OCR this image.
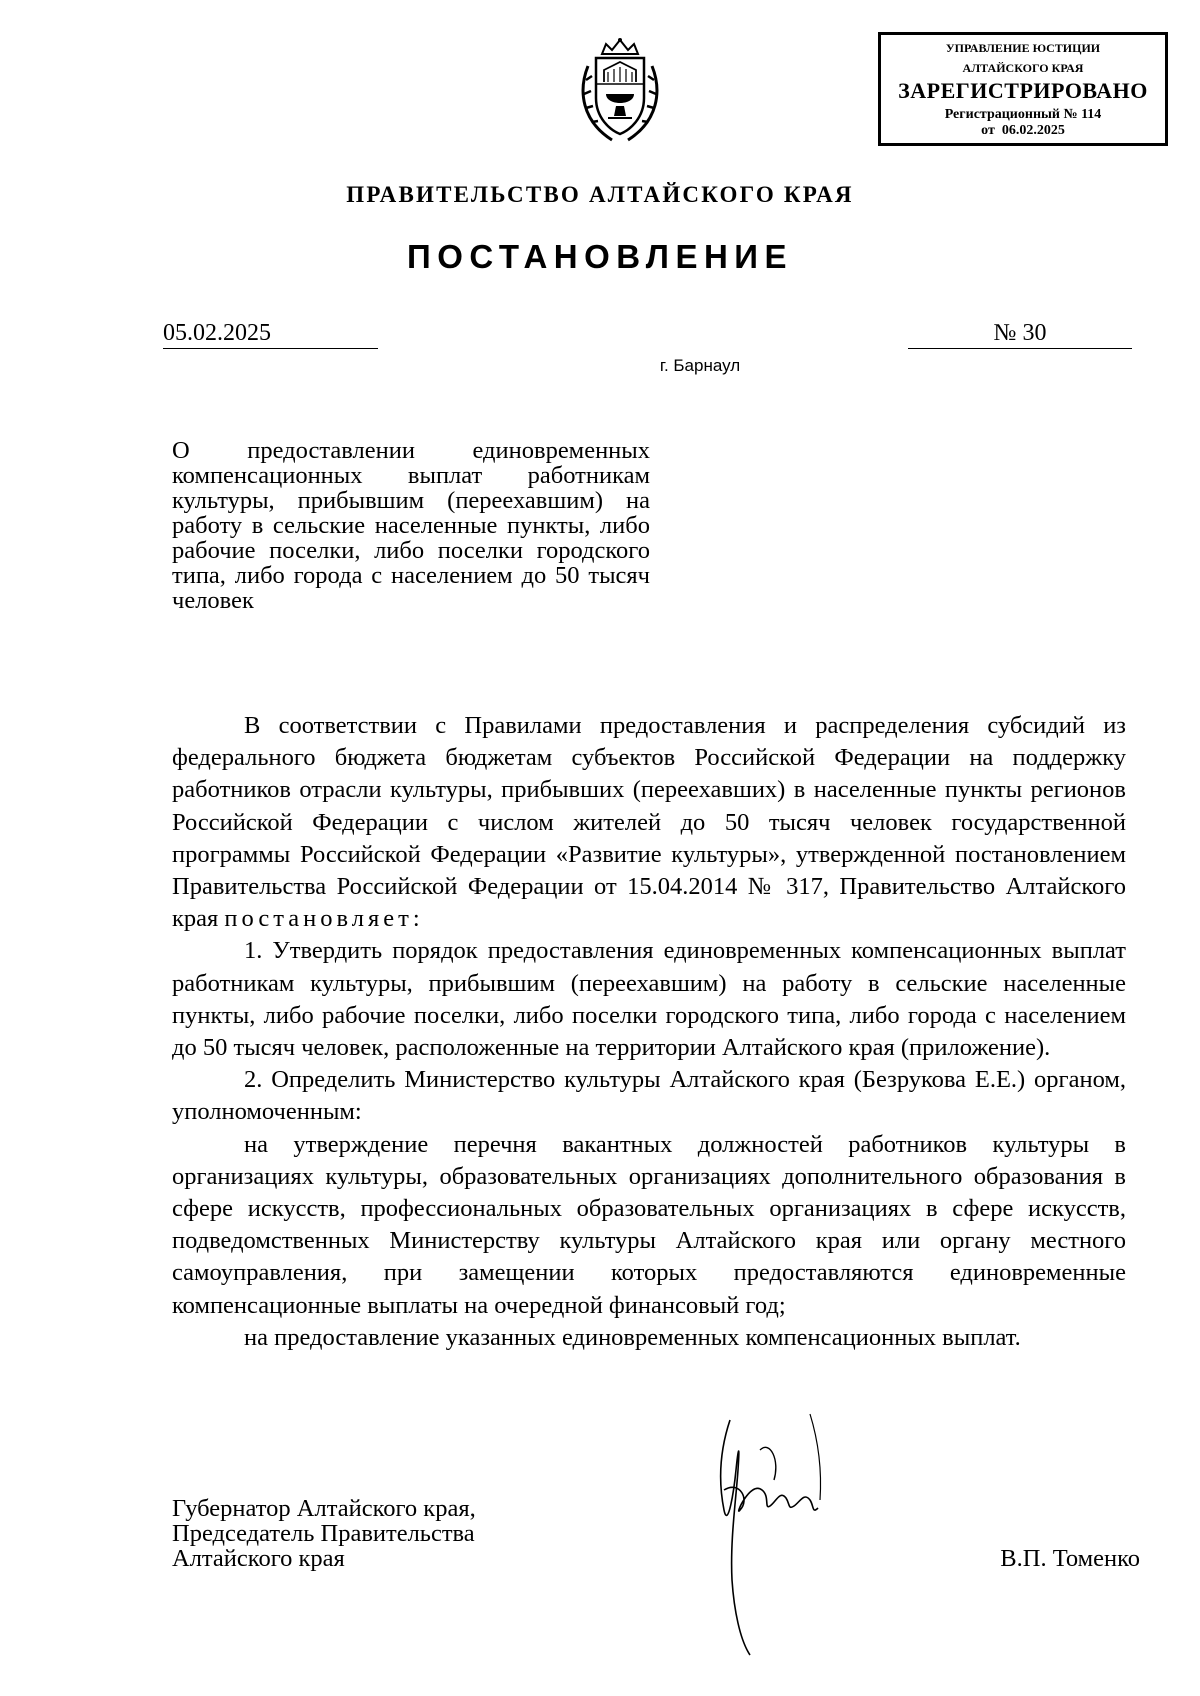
УПРАВЛЕНИЕ ЮСТИЦИИ
АЛТАЙСКОГО КРАЯ
ЗАРЕГИСТРИРОВАНО
Регистрационный № 114
от 06.02.2025
ПРАВИТЕЛЬСТВО АЛТАЙСКОГО КРАЯ
ПОСТАНОВЛЕНИЕ
05.02.2025	№ 30
г. Барнаул
О предоставлении единовременных компенсационных выплат работникам культуры, прибывшим (переехавшим) на работу в сельские населенные пункты, либо рабочие поселки, либо поселки городского типа, либо города с населением до 50 тысяч человек

В соответствии с Правилами предоставления и распределения субсидий из федерального бюджета бюджетам субъектов Российской Федерации на поддержку работников отрасли культуры, прибывших (переехавших) в населенные пункты регионов Российской Федерации с числом жителей до 50 тысяч человек государственной программы Российской Федерации «Развитие культуры», утвержденной постановлением Правительства Российской Федерации от 15.04.2014 № 317, Правительство Алтайского края постановляет:

1. Утвердить порядок предоставления единовременных компенсационных выплат работникам культуры, прибывшим (переехавшим) на работу в сельские населенные пункты, либо рабочие поселки, либо поселки городского типа, либо города с населением до 50 тысяч человек, расположенные на территории Алтайского края (приложение).

2. Определить Министерство культуры Алтайского края (Безрукова Е.Е.) органом, уполномоченным:

на утверждение перечня вакантных должностей работников культуры в организациях культуры, образовательных организациях дополнительного образования в сфере искусств, профессиональных образовательных организациях в сфере искусств, подведомственных Министерству культуры Алтайского края или органу местного самоуправления, при замещении которых предоставляются единовременные компенсационные выплаты на очередной финансовый год;

на предоставление указанных единовременных компенсационных выплат.

Губернатор Алтайского края,
Председатель Правительства
Алтайского края	В.П. Томенко
